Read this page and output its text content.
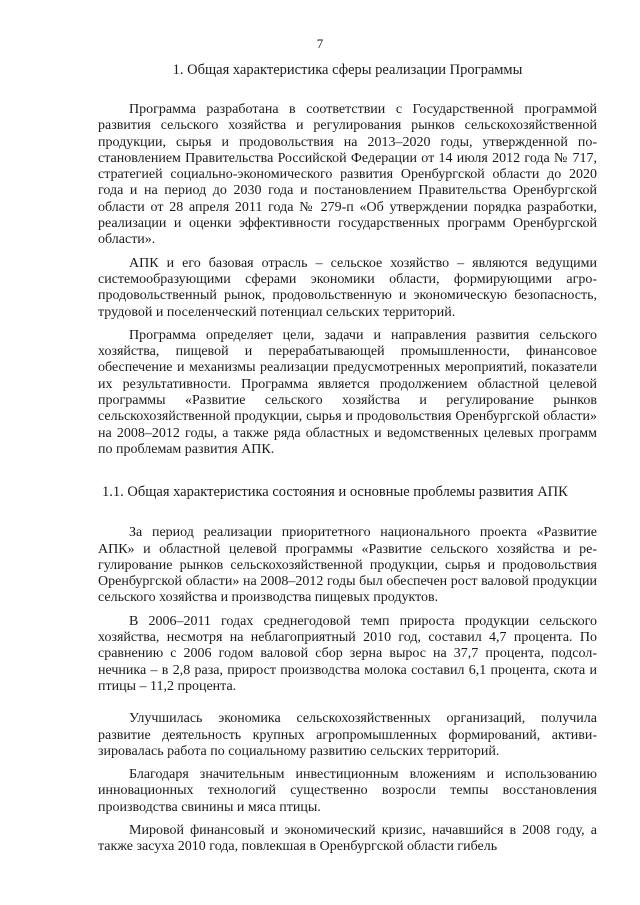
7
1. Общая характеристика сферы реализации Программы

Программа разработана в соответствии с Государственной программой развития сельского хозяйства и регулирования рынков сельскохозяйственной продукции, сырья и продовольствия на 2013–2020 годы, утвержденной постановлением Правительства Российской Федерации от 14 июля 2012 года № 717, стратегией социально-экономического развития Оренбургской области до 2020 года и на период до 2030 года и постановлением Правительства Оренбургской области от 28 апреля 2011 года № 279-п «Об утверждении порядка разработки, реализации и оценки эффективности государственных программ Оренбургской области».

АПК и его базовая отрасль – сельское хозяйство – являются ведущими системообразующими сферами экономики области, формирующими агропродовольственный рынок, продовольственную и экономическую безопасность, трудовой и поселенческий потенциал сельских территорий.

Программа определяет цели, задачи и направления развития сельского хозяйства, пищевой и перерабатывающей промышленности, финансовое обеспечение и механизмы реализации предусмотренных мероприятий, показатели их результативности. Программа является продолжением областной целевой программы «Развитие сельского хозяйства и регулирование рынков сельскохозяйственной продукции, сырья и продовольствия Оренбургской области» на 2008–2012 годы, а также ряда областных и ведомственных целевых программ по проблемам развития АПК.

1.1. Общая характеристика состояния и основные проблемы развития АПК

За период реализации приоритетного национального проекта «Развитие АПК» и областной целевой программы «Развитие сельского хозяйства и регулирование рынков сельскохозяйственной продукции, сырья и продовольствия Оренбургской области» на 2008–2012 годы был обеспечен рост валовой продукции сельского хозяйства и производства пищевых продуктов.

В 2006–2011 годах среднегодовой темп прироста продукции сельского хозяйства, несмотря на неблагоприятный 2010 год, составил 4,7 процента. По сравнению с 2006 годом валовой сбор зерна вырос на 37,7 процента, подсолнечника – в 2,8 раза, прирост производства молока составил 6,1 процента, скота и птицы – 11,2 процента.

Улучшилась экономика сельскохозяйственных организаций, получила развитие деятельность крупных агропромышленных формирований, активизировалась работа по социальному развитию сельских территорий.

Благодаря значительным инвестиционным вложениям и использованию инновационных технологий существенно возросли темпы восстановления производства свинины и мяса птицы.

Мировой финансовый и экономический кризис, начавшийся в 2008 году, а также засуха 2010 года, повлекшая в Оренбургской области гибель
